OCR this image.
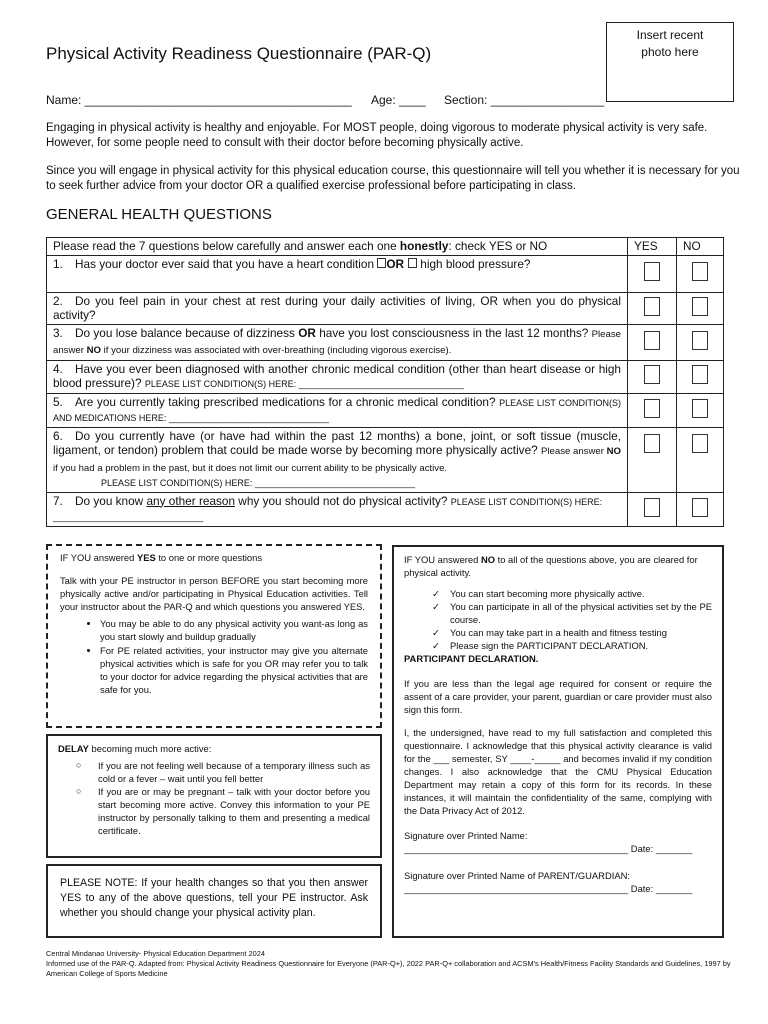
Physical Activity Readiness Questionnaire (PAR-Q)
Insert recent
photo here
Name: ________________________________________ Age: ____ Section: _________________
Engaging in physical activity is healthy and enjoyable. For MOST people, doing vigorous to moderate physical activity is very safe. However, for some people need to consult with their doctor before becoming physically active.
Since you will engage in physical activity for this physical education course, this questionnaire will tell you whether it is necessary for you to seek further advice from your doctor OR a qualified exercise professional before participating in class.
GENERAL HEALTH QUESTIONS
Please read the 7 questions below carefully and answer each one honestly: check YES or NO	YES	NO
1. Has your doctor ever said that you have a heart condition OR high blood pressure?		
2. Do you feel pain in your chest at rest during your daily activities of living, OR when you do physical activity?		
3. Do you lose balance because of dizziness OR have you lost consciousness in the last 12 months? Please answer NO if your dizziness was associated with over-breathing (including vigorous exercise).		
4. Have you ever been diagnosed with another chronic medical condition (other than heart disease or high blood pressure)? PLEASE LIST CONDITION(S) HERE: _________________________________		
5. Are you currently taking prescribed medications for a chronic medical condition? PLEASE LIST CONDITION(S) AND MEDICATIONS HERE: ________________________________		
6. Do you currently have (or have had within the past 12 months) a bone, joint, or soft tissue (muscle, ligament, or tendon) problem that could be made worse by becoming more physically active? Please answer NO if you had a problem in the past, but it does not limit our current ability to be physically active.
PLEASE LIST CONDITION(S) HERE: ________________________________		

7. Do you know any other reason why you should not do physical activity? PLEASE LIST CONDITION(S) HERE: ______________________________		

IF YOU answered YES to one or more questions

Talk with your PE instructor in person BEFORE you start becoming more physically active and/or participating in Physical Education activities. Tell your instructor about the PAR-Q and which questions you answered YES.

• You may be able to do any physical activity you want-as long as you start slowly and buildup gradually
• For PE related activities, your instructor may give you alternate physical activities which is safe for you OR may refer you to talk to your doctor for advice regarding the physical activities that are safe for you.

DELAY becoming much more active:

○ If you are not feeling well because of a temporary illness such as cold or a fever – wait until you fell better
○ If you are or may be pregnant – talk with your doctor before you start becoming more active. Convey this information to your PE instructor by personally talking to them and presenting a medical certificate.
PLEASE NOTE: If your health changes so that you then answer YES to any of the above questions, tell your PE instructor. Ask whether you should change your physical activity plan.

IF YOU answered NO to all of the questions above, you are cleared for physical activity.

✓ You can start becoming more physically active.
✓ You can participate in all of the physical activities set by the PE course.
✓ You can may take part in a health and fitness testing
✓ Please sign the PARTICIPANT DECLARATION.

PARTICIPANT DECLARATION.

If you are less than the legal age required for consent or require the assent of a care provider, your parent, guardian or care provider must also sign this form.

I, the undersigned, have read to my full satisfaction and completed this questionnaire. I acknowledge that this physical activity clearance is valid for the ___ semester, SY ____-_____ and becomes invalid if my condition changes. I also acknowledge that the CMU Physical Education Department may retain a copy of this form for its records. In these instances, it will maintain the confidentiality of the same, complying with the Data Privacy Act of 2012.

Signature over Printed Name:

___________________________________________ Date: _______

Signature over Printed Name of PARENT/GUARDIAN:

___________________________________________ Date: _______

Central Mindanao University- Physical Education Department 2024
Informed use of the PAR-Q. Adapted from: Physical Activity Readiness Questionnaire for Everyone (PAR-Q+), 2022 PAR-Q+ collaboration and ACSM's Health/Fitness Facility Standards and Guidelines, 1997 by American College of Sports Medicine
